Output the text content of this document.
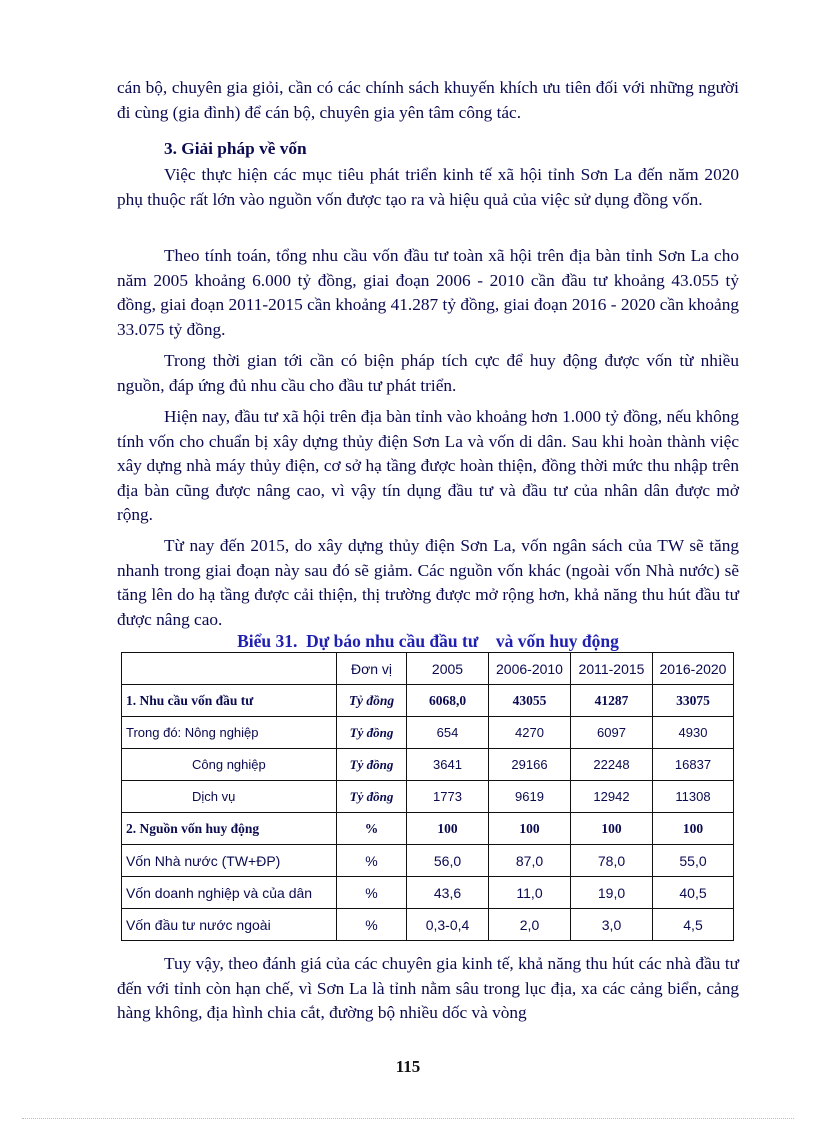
cán bộ, chuyên gia giỏi, cần có các chính sách khuyến khích ưu tiên đối với những người đi cùng (gia đình) để cán bộ, chuyên gia yên tâm công tác.

3. Giải pháp về vốn

Việc thực hiện các mục tiêu phát triển kinh tế xã hội tỉnh Sơn La đến năm 2020 phụ thuộc rất lớn vào nguồn vốn được tạo ra và hiệu quả của việc sử dụng đồng vốn.

Theo tính toán, tổng nhu cầu vốn đầu tư toàn xã hội trên địa bàn tỉnh Sơn La cho năm 2005 khoảng 6.000 tỷ đồng, giai đoạn 2006 - 2010 cần đầu tư khoảng 43.055 tỷ đồng, giai đoạn 2011-2015 cần khoảng 41.287 tỷ đồng, giai đoạn 2016 - 2020 cần khoảng 33.075 tỷ đồng.

Trong thời gian tới cần có biện pháp tích cực để huy động được vốn từ nhiều nguồn, đáp ứng đủ nhu cầu cho đầu tư phát triển.

Hiện nay, đầu tư xã hội trên địa bàn tỉnh vào khoảng hơn 1.000 tỷ đồng, nếu không tính vốn cho chuẩn bị xây dựng thủy điện Sơn La và vốn di dân. Sau khi hoàn thành việc xây dựng nhà máy thủy điện, cơ sở hạ tầng được hoàn thiện, đồng thời mức thu nhập trên địa bàn cũng được nâng cao, vì vậy tín dụng đầu tư và đầu tư của nhân dân được mở rộng.

Từ nay đến 2015, do xây dựng thủy điện Sơn La, vốn ngân sách của TW sẽ tăng nhanh trong giai đoạn này sau đó sẽ giảm. Các nguồn vốn khác (ngoài vốn Nhà nước) sẽ tăng lên do hạ tầng được cải thiện, thị trường được mở rộng hơn, khả năng thu hút đầu tư được nâng cao.

Biểu 31.  Dự báo nhu cầu đầu tư    và vốn huy động

	Đơn vị	2005	2006-2010	2011-2015	2016-2020
1. Nhu cầu vốn đầu tư	Tỷ đồng	6068,0	43055	41287	33075
Trong đó: Nông nghiệp	Tỷ đồng	654	4270	6097	4930
Công nghiệp	Tỷ đồng	3641	29166	22248	16837
Dịch vụ	Tỷ đồng	1773	9619	12942	11308
2. Nguồn vốn huy động	%	100	100	100	100
Vốn Nhà nước (TW+ĐP)	%	56,0	87,0	78,0	55,0
Vốn doanh nghiệp và của dân	%	43,6	11,0	19,0	40,5
Vốn đầu tư nước ngoài	%	0,3-0,4	2,0	3,0	4,5

Tuy vậy, theo đánh giá của các chuyên gia kinh tế, khả năng thu hút các nhà đầu tư đến với tỉnh còn hạn chế, vì Sơn La là tỉnh nằm sâu trong lục địa, xa các cảng biển, cảng hàng không, địa hình chia cắt, đường bộ nhiều dốc và vòng

115
